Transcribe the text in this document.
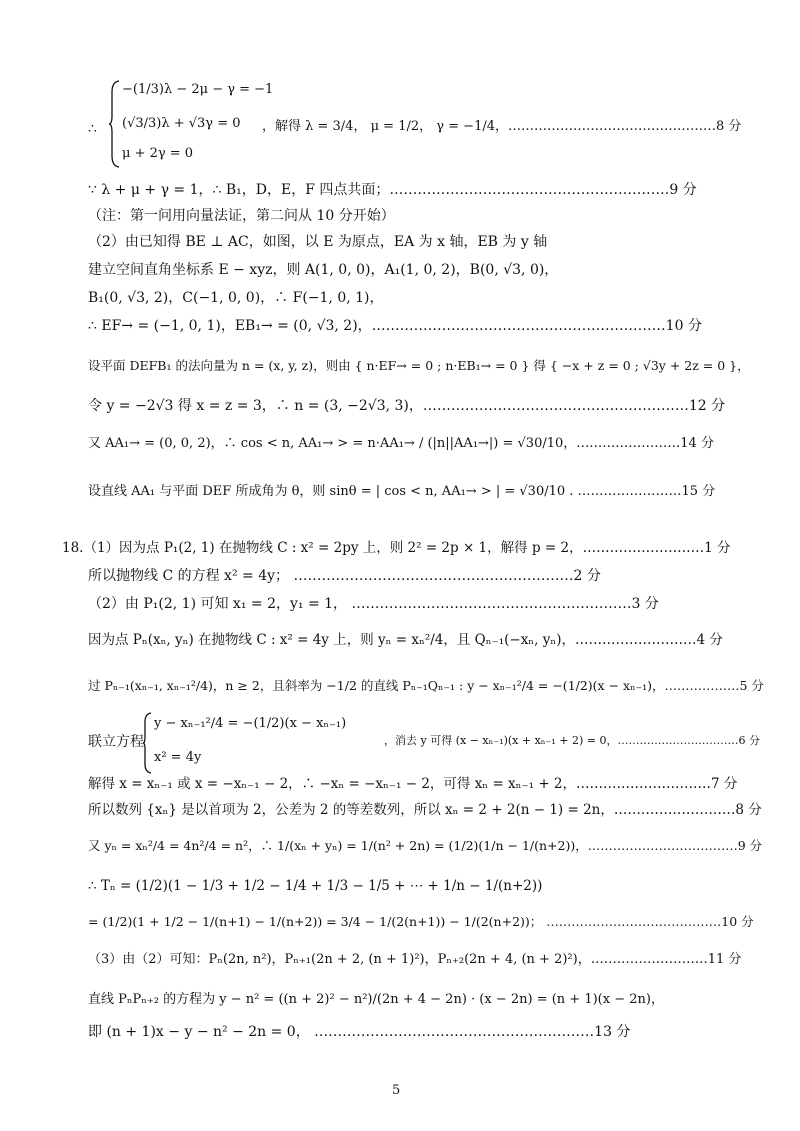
−(1/3)λ − 2μ − γ = −1
(√3/3)λ + √3γ = 0
μ + 2γ = 0
∴	，解得 λ = 3/4， μ = 1/2， γ = −1/4，…………………………………………8 分
∵ λ + μ + γ = 1，∴ B₁，D，E，F 四点共面；……………………………………………………9 分
（注：第一问用向量法证，第二问从 10 分开始）
（2）由已知得 BE ⊥ AC，如图，以 E 为原点，EA 为 x 轴，EB 为 y 轴
建立空间直角坐标系 E − xyz，则 A(1, 0, 0)，A₁(1, 0, 2)，B(0, √3, 0)，
B₁(0, √3, 2)，C(−1, 0, 0)，∴ F(−1, 0, 1)，
∴ EF→ = (−1, 0, 1)，EB₁→ = (0, √3, 2)，………………………………………………………10 分
设平面 DEFB₁ 的法向量为 n = (x, y, z)，则由 { n·EF→ = 0 ; n·EB₁→ = 0 } 得 { −x + z = 0 ; √3y + 2z = 0 }，
令 y = −2√3 得 x = z = 3，∴ n = (3, −2√3, 3)，…………………………………………………12 分
又 AA₁→ = (0, 0, 2)，∴ cos < n, AA₁→ > = n·AA₁→ / (|n||AA₁→|) = √30/10，……………………14 分
设直线 AA₁ 与平面 DEF 所成角为 θ，则 sinθ = | cos < n, AA₁→ > | = √30/10 . ……………………15 分
18.（1）因为点 P₁(2, 1) 在抛物线 C : x² = 2py 上，则 2² = 2p × 1，解得 p = 2，………………………1 分
所以抛物线 C 的方程 x² = 4y； ……………………………………………………2 分
（2）由 P₁(2, 1) 可知 x₁ = 2，y₁ = 1， ……………………………………………………3 分
因为点 Pₙ(xₙ, yₙ) 在抛物线 C : x² = 4y 上，则 yₙ = xₙ²/4，且 Qₙ₋₁(−xₙ, yₙ)，………………………4 分
过 Pₙ₋₁(xₙ₋₁, xₙ₋₁²/4)，n ≥ 2，且斜率为 −1/2 的直线 Pₙ₋₁Qₙ₋₁ : y − xₙ₋₁²/4 = −(1/2)(x − xₙ₋₁)，………………5 分
联立方程
y − xₙ₋₁²/4 = −(1/2)(x − xₙ₋₁)
x² = 4y
，消去 y 可得 (x − xₙ₋₁)(x + xₙ₋₁ + 2) = 0，……………………………6 分
解得 x = xₙ₋₁ 或 x = −xₙ₋₁ − 2，∴ −xₙ = −xₙ₋₁ − 2，可得 xₙ = xₙ₋₁ + 2，…………………………7 分
所以数列 {xₙ} 是以首项为 2，公差为 2 的等差数列，所以 xₙ = 2 + 2(n − 1) = 2n，………………………8 分
又 yₙ = xₙ²/4 = 4n²/4 = n²，∴ 1/(xₙ + yₙ) = 1/(n² + 2n) = (1/2)(1/n − 1/(n+2))，………………………………9 分
∴ Tₙ = (1/2)(1 − 1/3 + 1/2 − 1/4 + 1/3 − 1/5 + ⋯ + 1/n − 1/(n+2))
= (1/2)(1 + 1/2 − 1/(n+1) − 1/(n+2)) = 3/4 − 1/(2(n+1)) − 1/(2(n+2))； ……………………………………10 分
（3）由（2）可知：Pₙ(2n, n²)，Pₙ₊₁(2n + 2, (n + 1)²)，Pₙ₊₂(2n + 4, (n + 2)²)，………………………11 分
直线 PₙPₙ₊₂ 的方程为 y − n² = ((n + 2)² − n²)/(2n + 4 − 2n) · (x − 2n) = (n + 1)(x − 2n)，
即 (n + 1)x − y − n² − 2n = 0， ……………………………………………………13 分
5
